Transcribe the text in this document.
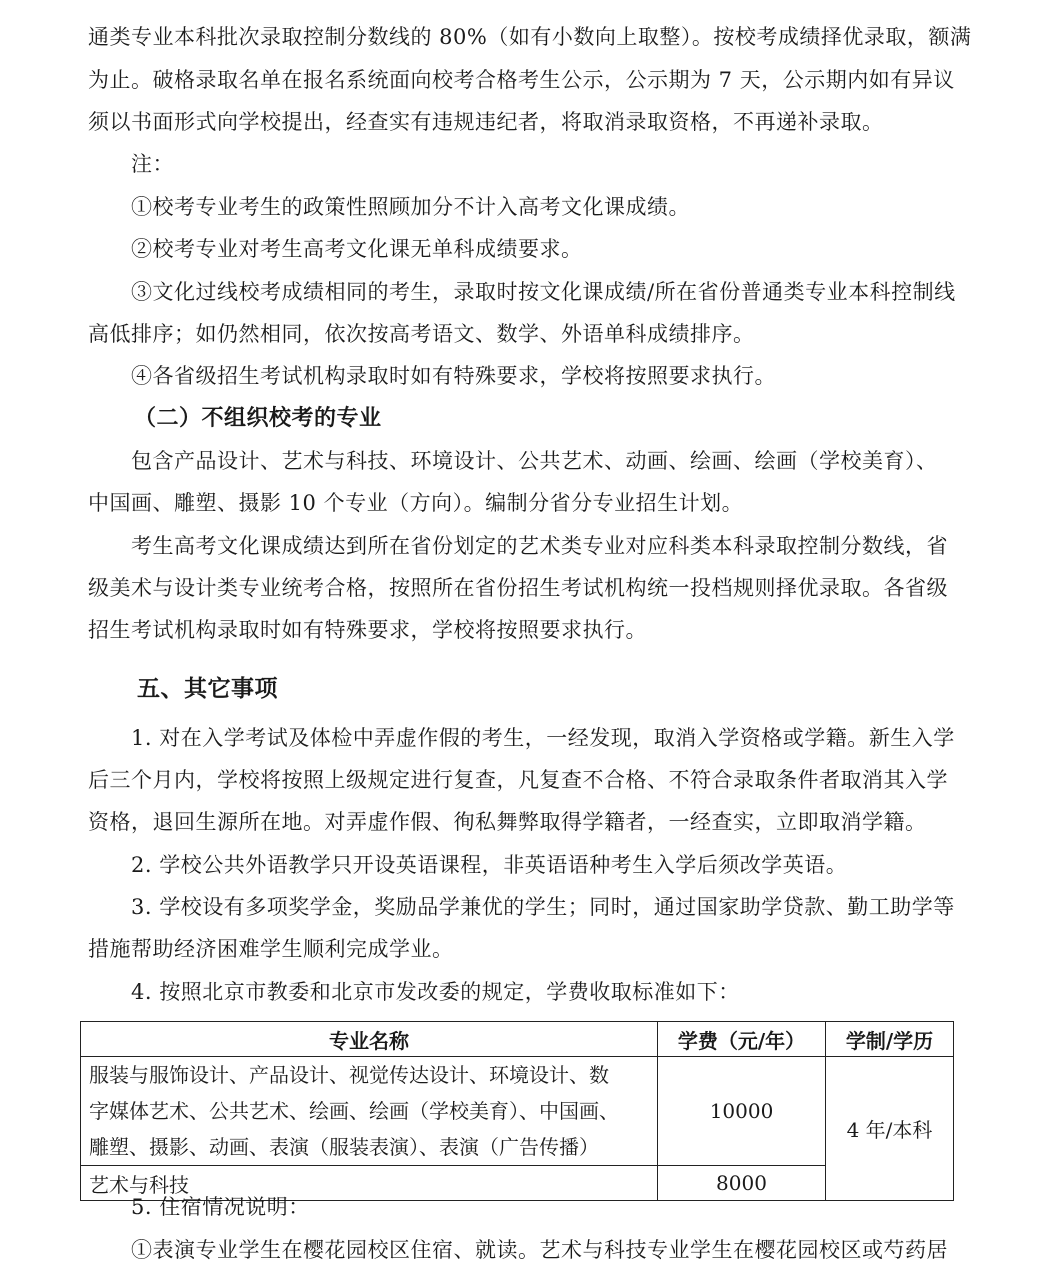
通类专业本科批次录取控制分数线的 80%（如有小数向上取整）。按校考成绩择优录取，额满
为止。破格录取名单在报名系统面向校考合格考生公示，公示期为 7 天，公示期内如有异议
须以书面形式向学校提出，经查实有违规违纪者，将取消录取资格，不再递补录取。
注：
①校考专业考生的政策性照顾加分不计入高考文化课成绩。
②校考专业对考生高考文化课无单科成绩要求。
③文化过线校考成绩相同的考生，录取时按文化课成绩/所在省份普通类专业本科控制线
高低排序；如仍然相同，依次按高考语文、数学、外语单科成绩排序。
④各省级招生考试机构录取时如有特殊要求，学校将按照要求执行。
（二）不组织校考的专业
包含产品设计、艺术与科技、环境设计、公共艺术、动画、绘画、绘画（学校美育）、
中国画、雕塑、摄影 10 个专业（方向）。编制分省分专业招生计划。
考生高考文化课成绩达到所在省份划定的艺术类专业对应科类本科录取控制分数线，省
级美术与设计类专业统考合格，按照所在省份招生考试机构统一投档规则择优录取。各省级
招生考试机构录取时如有特殊要求，学校将按照要求执行。
五、其它事项
1. 对在入学考试及体检中弄虚作假的考生，一经发现，取消入学资格或学籍。新生入学
后三个月内，学校将按照上级规定进行复查，凡复查不合格、不符合录取条件者取消其入学
资格，退回生源所在地。对弄虚作假、徇私舞弊取得学籍者，一经查实，立即取消学籍。
2. 学校公共外语教学只开设英语课程，非英语语种考生入学后须改学英语。
3. 学校设有多项奖学金，奖励品学兼优的学生；同时，通过国家助学贷款、勤工助学等
措施帮助经济困难学生顺利完成学业。
4. 按照北京市教委和北京市发改委的规定，学费收取标准如下：
专业名称	学费（元/年）	学制/学历
服装与服饰设计、产品设计、视觉传达设计、环境设计、数
字媒体艺术、公共艺术、绘画、绘画（学校美育）、中国画、
雕塑、摄影、动画、表演（服装表演）、表演（广告传播）	10000	4 年/本科
艺术与科技	8000	
5. 住宿情况说明：
①表演专业学生在樱花园校区住宿、就读。艺术与科技专业学生在樱花园校区或芍药居
